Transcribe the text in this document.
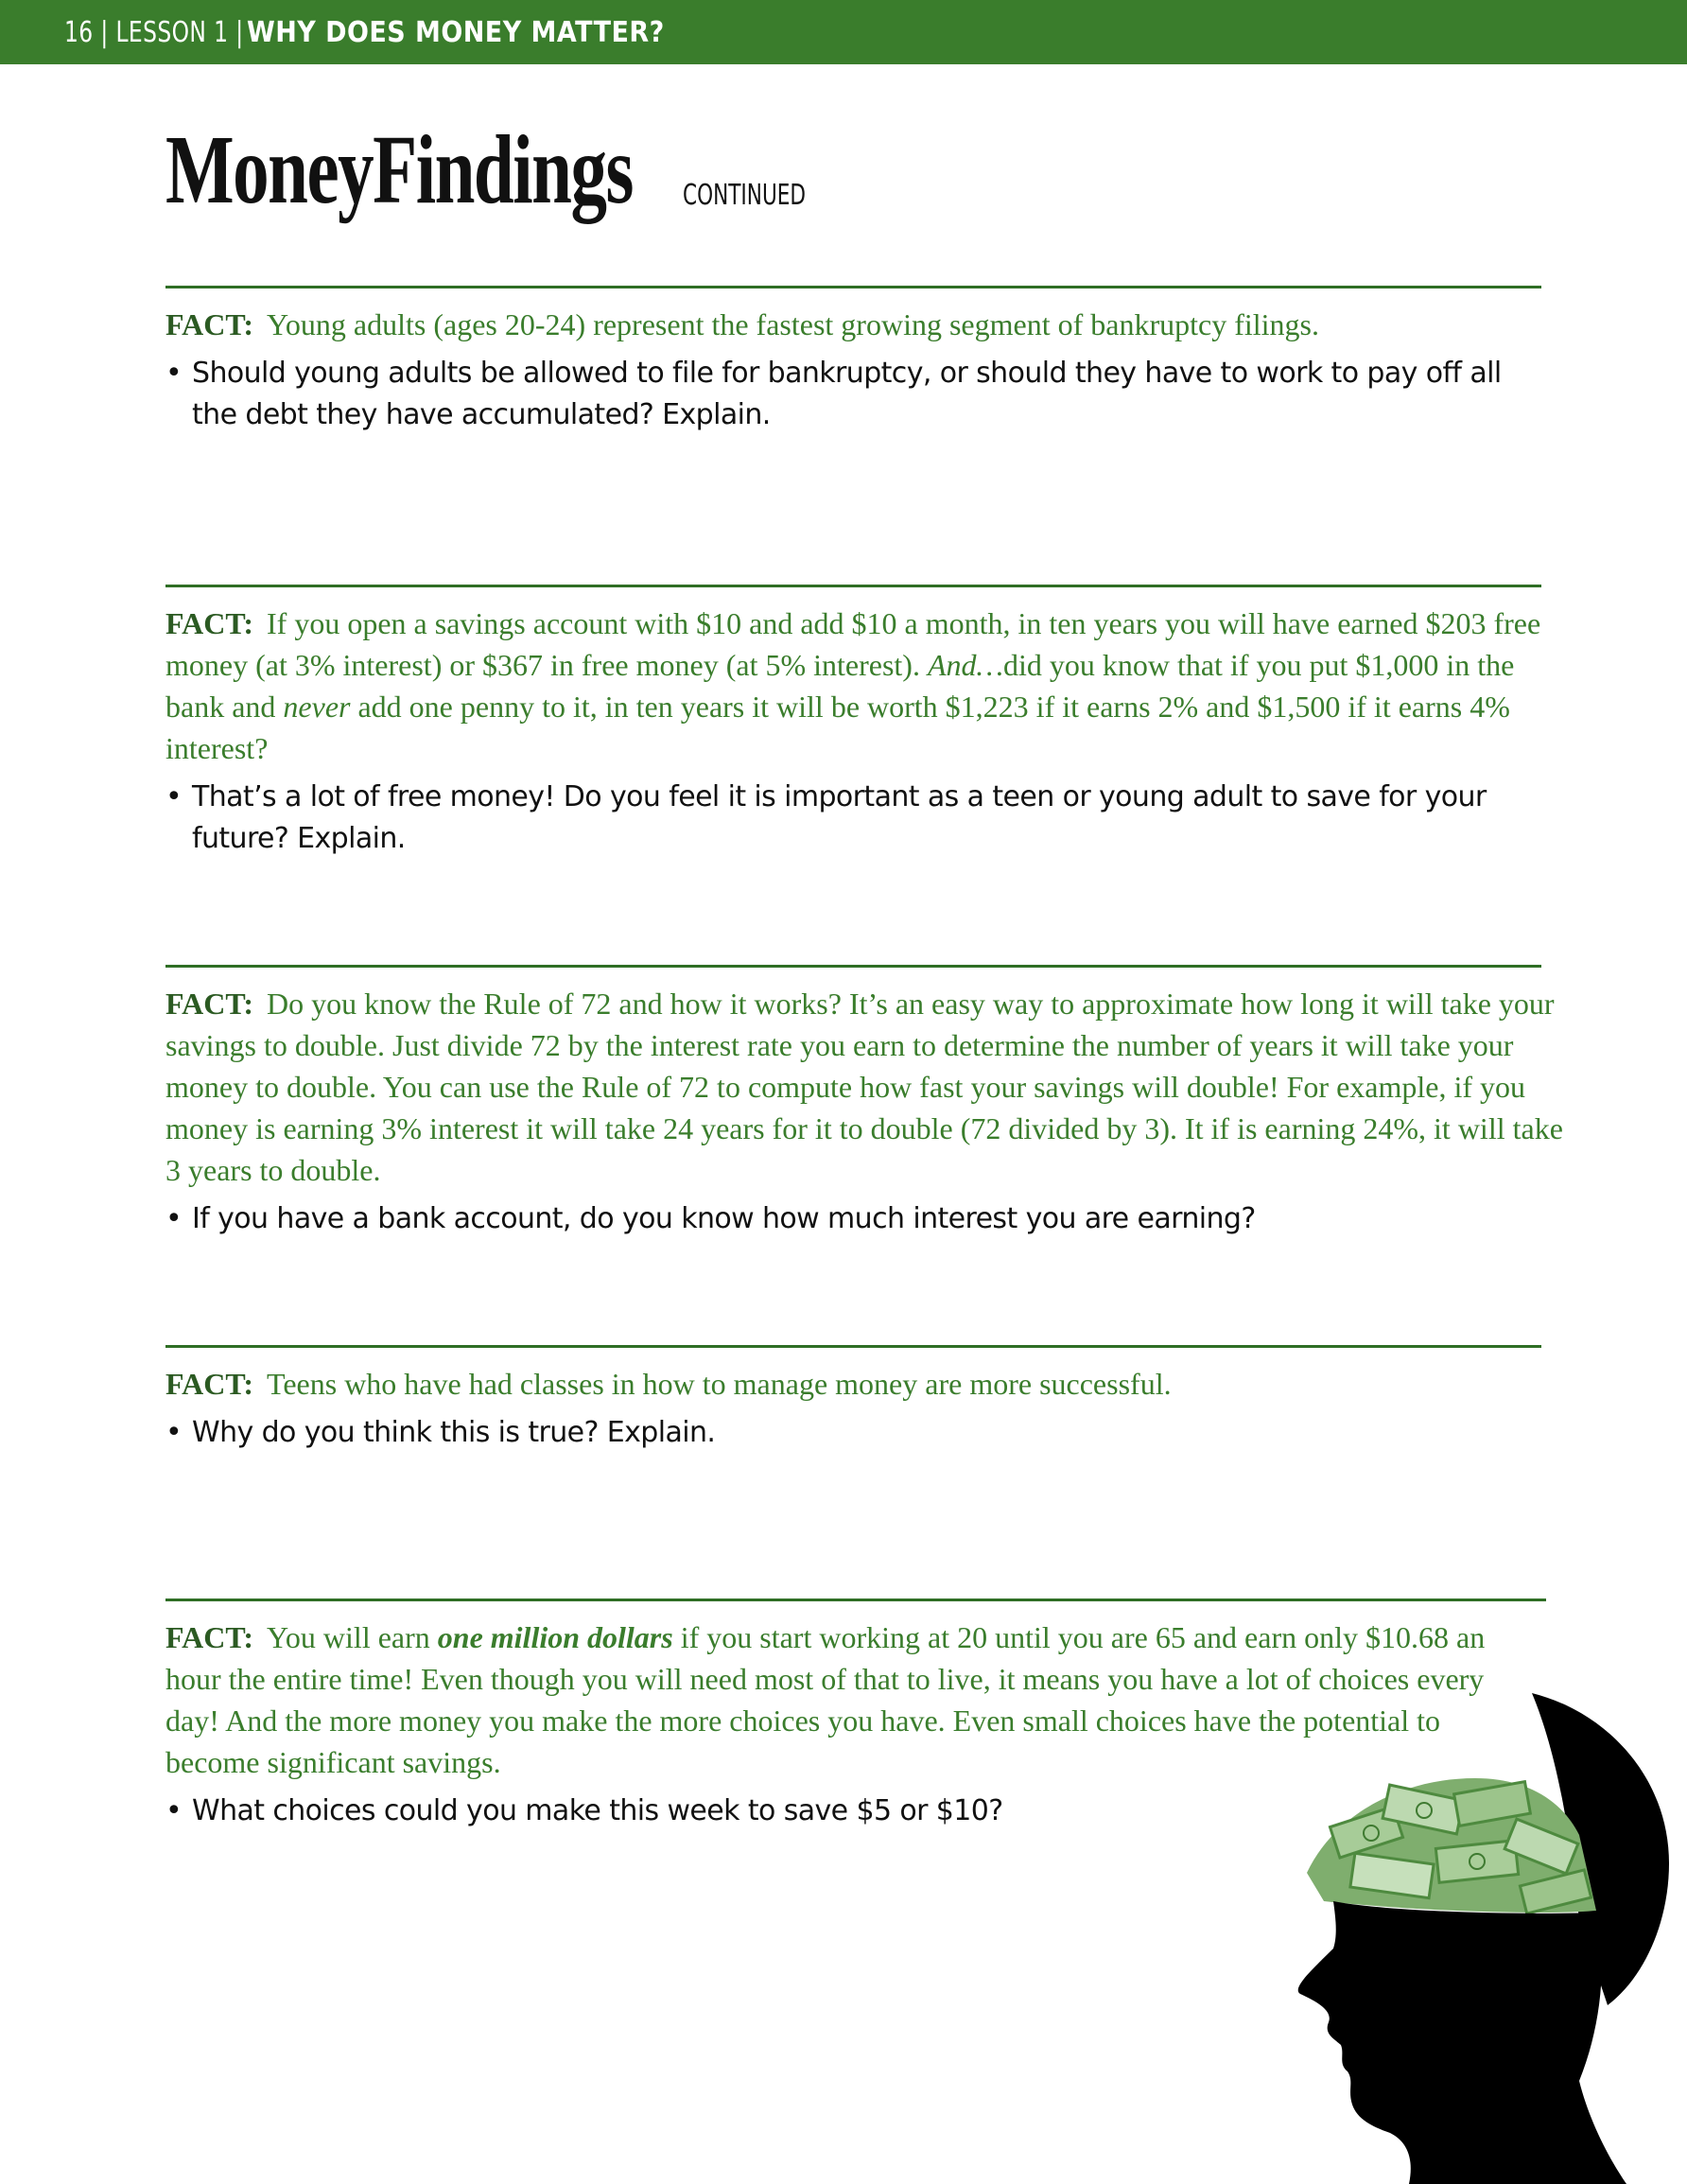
16 | LESSON 1 |
WHY DOES MONEY MATTER?
MoneyFindings CONTINUED
FACT: Young adults (ages 20-24) represent the fastest growing segment of bankruptcy filings.
• Should young adults be allowed to file for bankruptcy, or should they have to work to pay off all the debt they have accumulated? Explain.
FACT: If you open a savings account with $10 and add $10 a month, in ten years you will have earned $203 free money (at 3% interest) or $367 in free money (at 5% interest). And…did you know that if you put $1,000 in the bank and never add one penny to it, in ten years it will be worth $1,223 if it earns 2% and $1,500 if it earns 4% interest?
• That’s a lot of free money! Do you feel it is important as a teen or young adult to save for your future? Explain.
FACT: Do you know the Rule of 72 and how it works? It’s an easy way to approximate how long it will take your savings to double. Just divide 72 by the interest rate you earn to determine the number of years it will take your money to double. You can use the Rule of 72 to compute how fast your savings will double! For example, if you money is earning 3% interest it will take 24 years for it to double (72 divided by 3). It if is earning 24%, it will take 3 years to double.
• If you have a bank account, do you know how much interest you are earning?
FACT: Teens who have had classes in how to manage money are more successful.
• Why do you think this is true? Explain.
FACT: You will earn one million dollars if you start working at 20 until you are 65 and earn only $10.68 an hour the entire time! Even though you will need most of that to live, it means you have a lot of choices every day! And the more money you make the more choices you have. Even small choices have the potential to become significant savings.
• What choices could you make this week to save $5 or $10?
